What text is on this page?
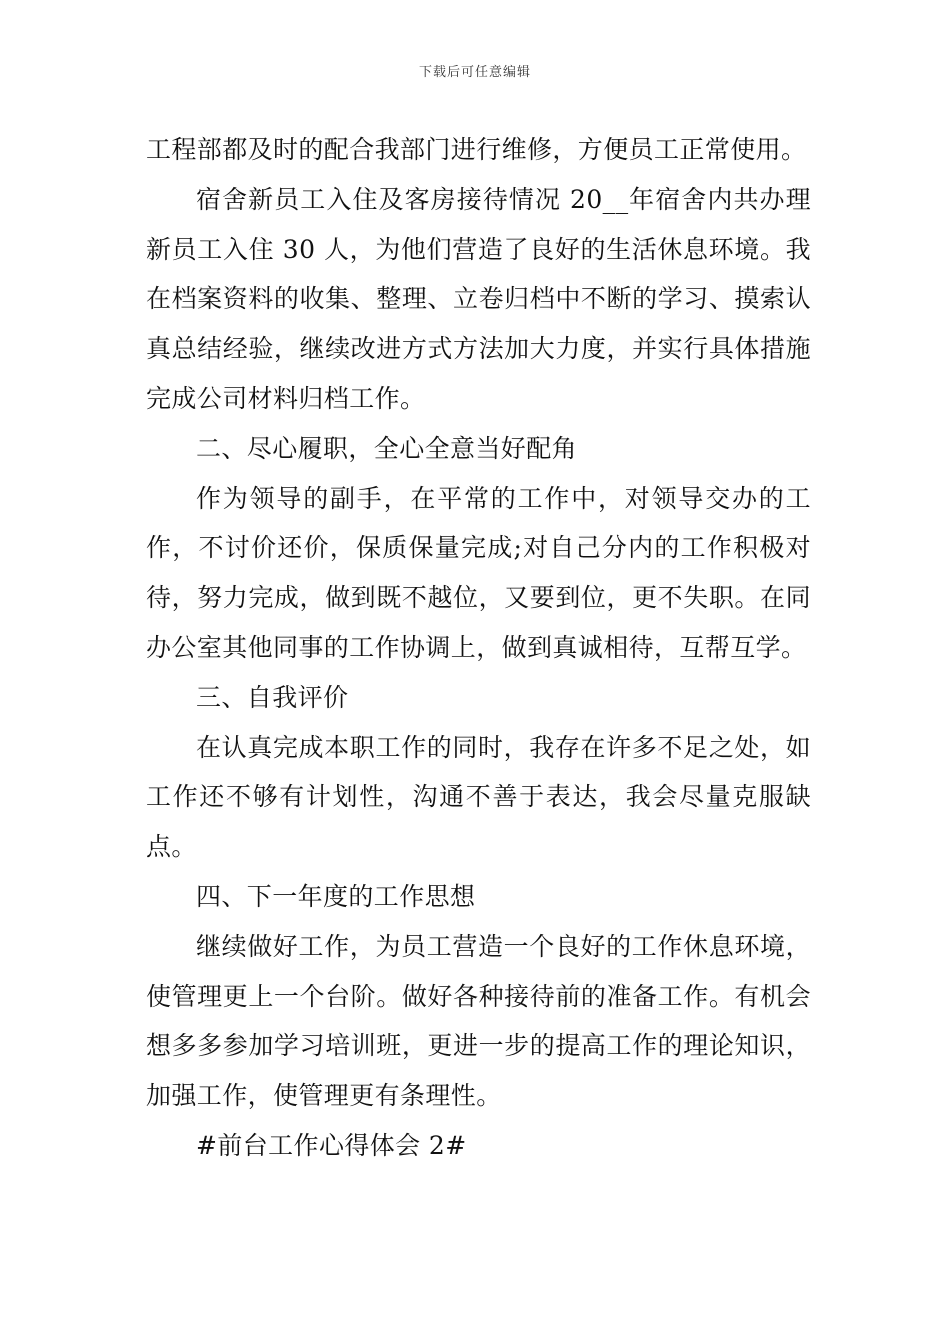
下载后可任意编辑

工程部都及时的配合我部门进行维修，方便员工正常使用。

宿舍新员工入住及客房接待情况 20__年宿舍内共办理新员工入住 30 人，为他们营造了良好的生活休息环境。我在档案资料的收集、整理、立卷归档中不断的学习、摸索认真总结经验，继续改进方式方法加大力度，并实行具体措施完成公司材料归档工作。

二、尽心履职，全心全意当好配角

作为领导的副手，在平常的工作中，对领导交办的工作，不讨价还价，保质保量完成;对自己分内的工作积极对待，努力完成，做到既不越位，又要到位，更不失职。在同办公室其他同事的工作协调上，做到真诚相待，互帮互学。

三、自我评价

在认真完成本职工作的同时，我存在许多不足之处，如工作还不够有计划性，沟通不善于表达，我会尽量克服缺点。

四、下一年度的工作思想

继续做好工作，为员工营造一个良好的工作休息环境，使管理更上一个台阶。做好各种接待前的准备工作。有机会想多多参加学习培训班，更进一步的提高工作的理论知识，加强工作，使管理更有条理性。

#前台工作心得体会 2#
